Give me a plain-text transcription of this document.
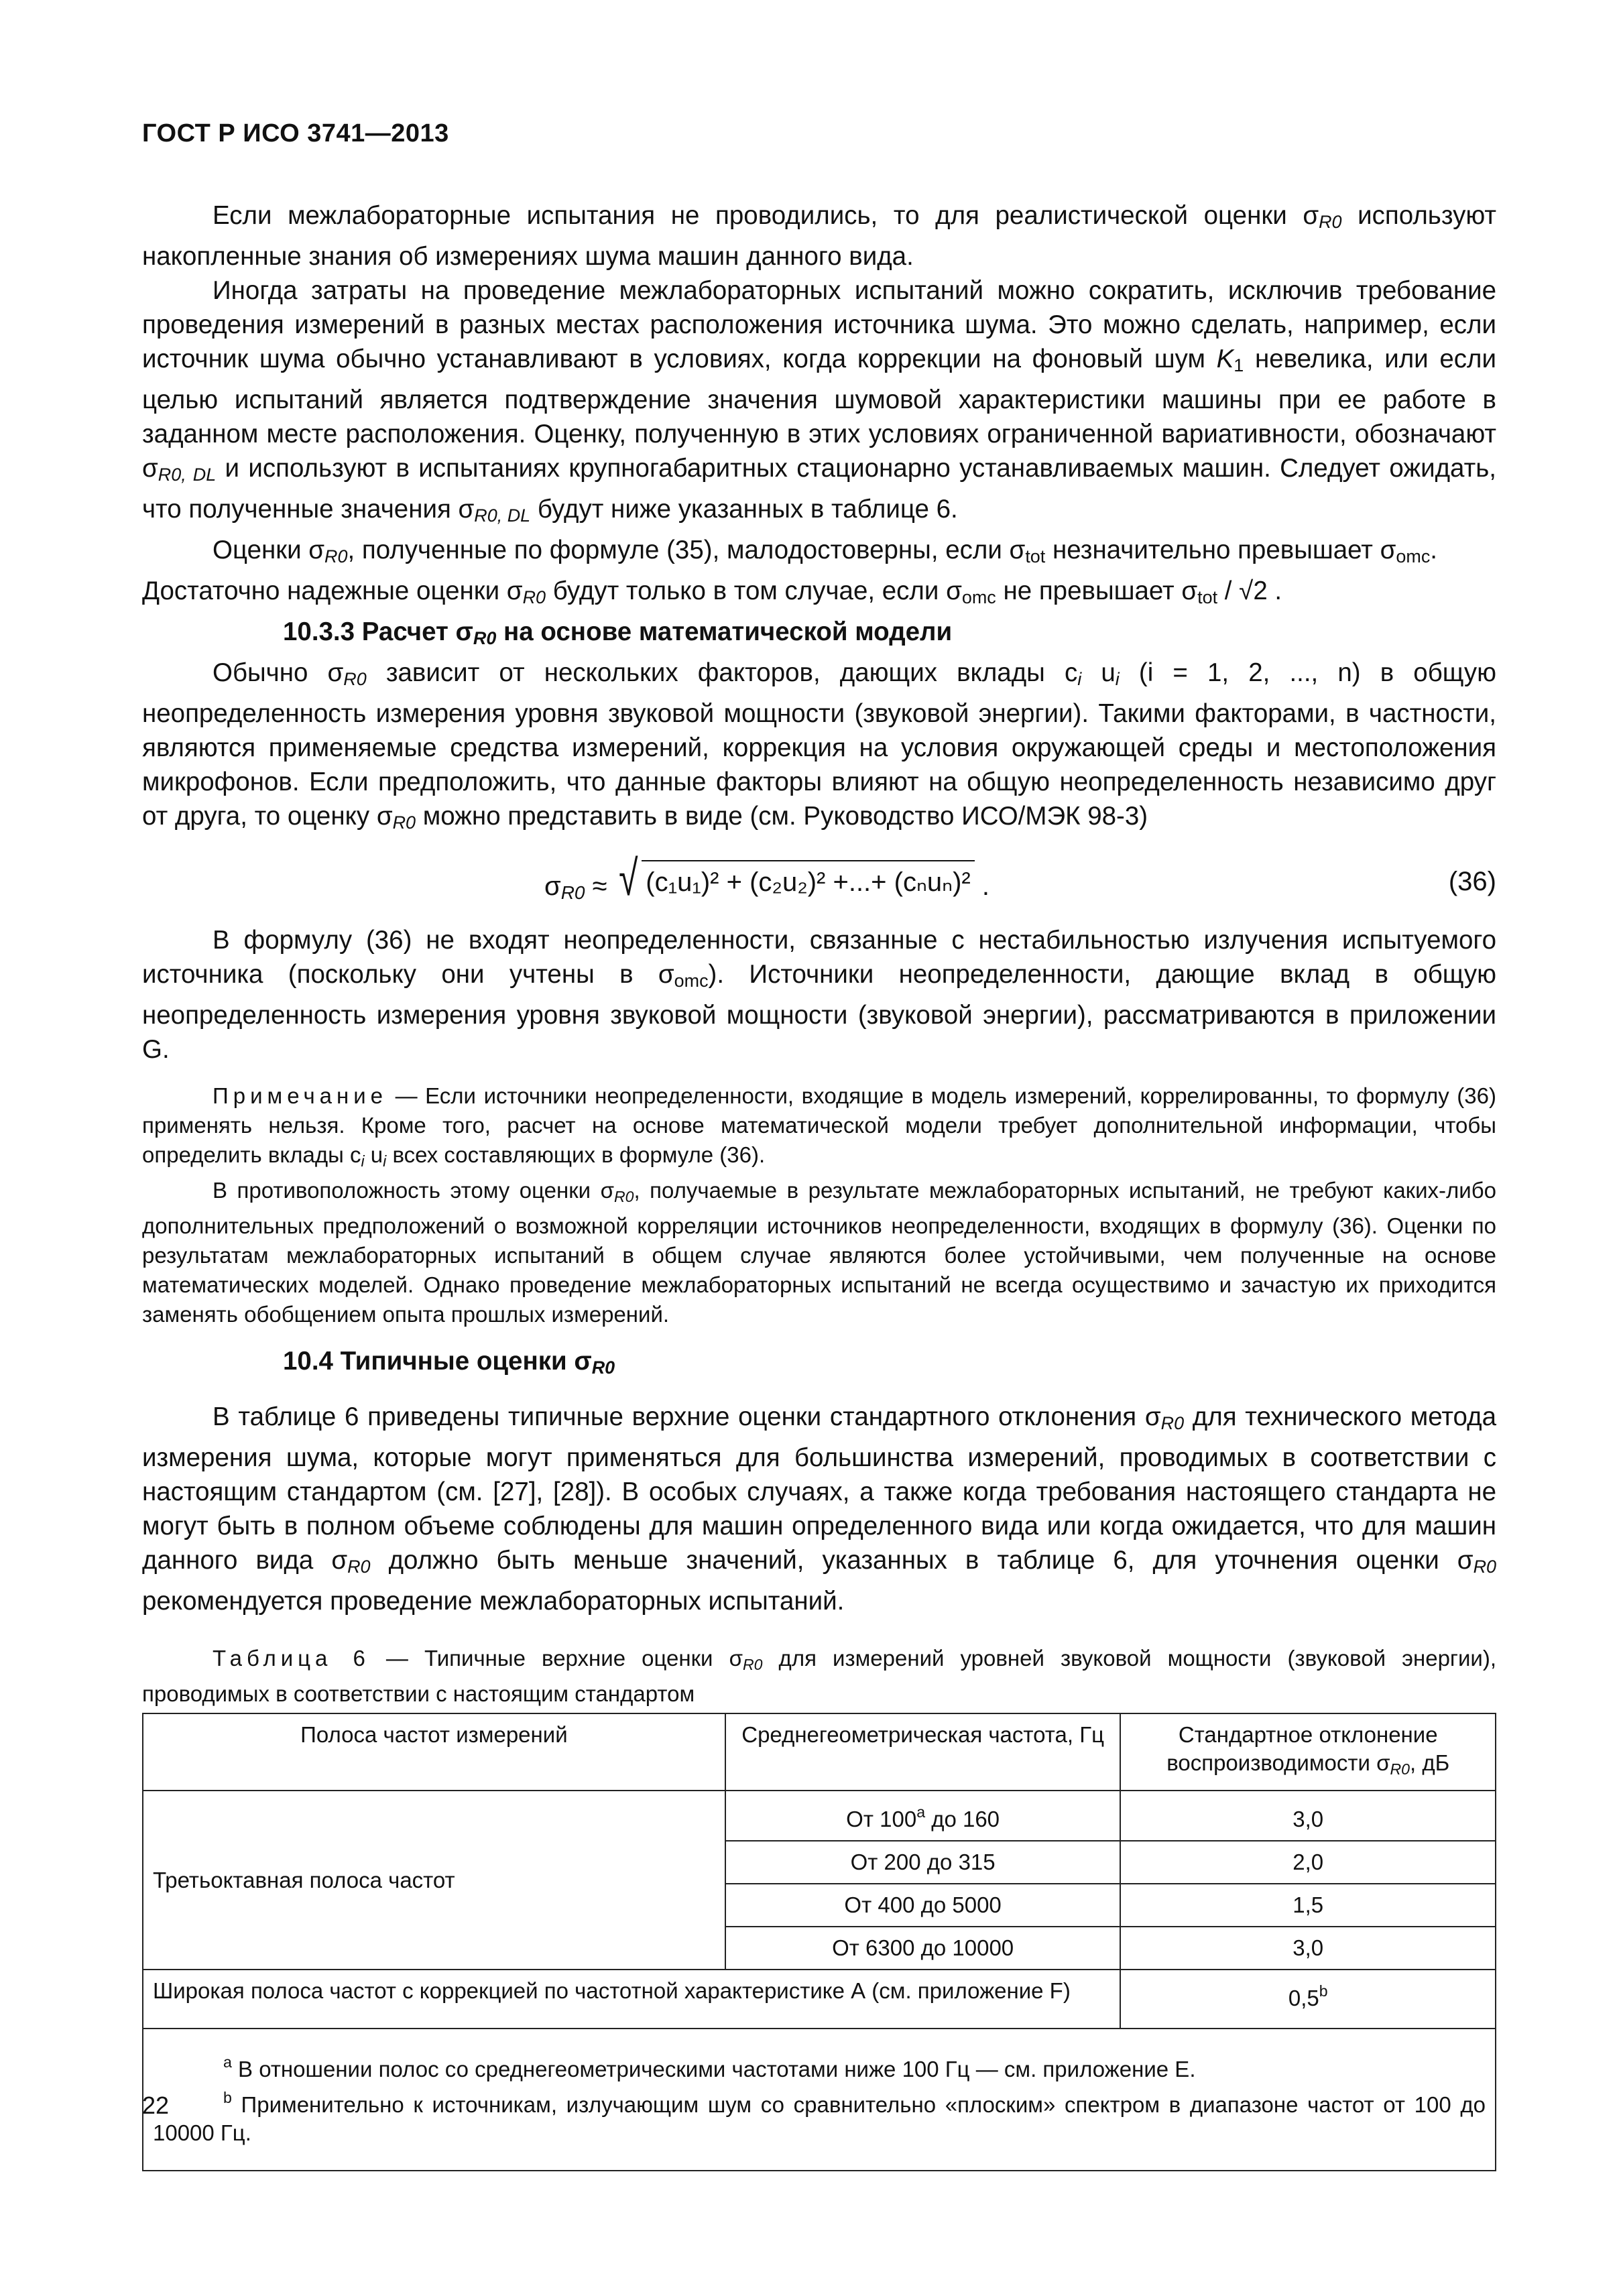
ГОСТ Р ИСО 3741—2013

Если межлабораторные испытания не проводились, то для реалистической оценки $\sigma_{R0}$ используют накопленные знания об измерениях шума машин данного вида.

Иногда затраты на проведение межлабораторных испытаний можно сократить, исключив требование проведения измерений в разных местах расположения источника шума. Это можно сделать, например, если источник шума обычно устанавливают в условиях, когда коррекции на фоновый шум $K_1$ невелика, или если целью испытаний является подтверждение значения шумовой характеристики машины при ее работе в заданном месте расположения. Оценку, полученную в этих условиях ограниченной вариативности, обозначают $\sigma_{R0, DL}$ и используют в испытаниях крупногабаритных стационарно устанавливаемых машин. Следует ожидать, что полученные значения $\sigma_{R0, DL}$ будут ниже указанных в таблице 6.

Оценки $\sigma_{R0}$, полученные по формуле (35), малодостоверны, если $\sigma_{tot}$ незначительно превышает $\sigma_{omc}$.

Достаточно надежные оценки $\sigma_{R0}$ будут только в том случае, если $\sigma_{omc}$ не превышает $\sigma_{tot} / √2$ .

10.3.3 Расчет $\sigma_{R0}$ на основе математической модели

Обычно $\sigma_{R0}$ зависит от нескольких факторов, дающих вклады $c_i$ $u_i$ (i = 1, 2, ..., n) в общую неопределенность измерения уровня звуковой мощности (звуковой энергии). Такими факторами, в частности, являются применяемые средства измерений, коррекция на условия окружающей среды и местоположения микрофонов. Если предположить, что данные факторы влияют на общую неопределенность независимо друг от друга, то оценку $\sigma_{R0}$ можно представить в виде (см. Руководство ИСО/МЭК 98-3)

$\sigma_{R0}$ ≈ √ (c₁u₁)² + (c₂u₂)² +...+ (cₙuₙ)² .	(36)

В формулу (36) не входят неопределенности, связанные с нестабильностью излучения испытуемого источника (поскольку они учтены в $\sigma_{omc}$). Источники неопределенности, дающие вклад в общую неопределенность измерения уровня звуковой мощности (звуковой энергии), рассматриваются в приложении G.

Примечание — Если источники неопределенности, входящие в модель измерений, коррелированны, то формулу (36) применять нельзя. Кроме того, расчет на основе математической модели требует дополнительной информации, чтобы определить вклады $c_i$ $u_i$ всех составляющих в формуле (36).

В противоположность этому оценки $\sigma_{R0}$, получаемые в результате межлабораторных испытаний, не требуют каких-либо дополнительных предположений о возможной корреляции источников неопределенности, входящих в формулу (36). Оценки по результатам межлабораторных испытаний в общем случае являются более устойчивыми, чем полученные на основе математических моделей. Однако проведение межлабораторных испытаний не всегда осуществимо и зачастую их приходится заменять обобщением опыта прошлых измерений.

10.4 Типичные оценки $\sigma_{R0}$

В таблице 6 приведены типичные верхние оценки стандартного отклонения $\sigma_{R0}$ для технического метода измерения шума, которые могут применяться для большинства измерений, проводимых в соответствии с настоящим стандартом (см. [27], [28]). В особых случаях, а также когда требования настоящего стандарта не могут быть в полном объеме соблюдены для машин определенного вида или когда ожидается, что для машин данного вида $\sigma_{R0}$ должно быть меньше значений, указанных в таблице 6, для уточнения оценки $\sigma_{R0}$ рекомендуется проведение межлабораторных испытаний.

Таблица 6 — Типичные верхние оценки $\sigma_{R0}$ для измерений уровней звуковой мощности (звуковой энергии), проводимых в соответствии с настоящим стандартом

Полоса частот измерений	Среднегеометрическая частота, Гц	Стандартное отклонение воспроизводимости $\sigma_{R0}$, дБ
Третьоктавная полоса частот	От 100$^a$ до 160	3,0
	От 200 до 315	2,0
	От 400 до 5000	1,5
	От 6300 до 10000	3,0
Широкая полоса частот с коррекцией по частотной характеристике А (см. приложение F)		0,5$^b$

$^a$ В отношении полос со среднегеометрическими частотами ниже 100 Гц — см. приложение Е.

$^b$ Применительно к источникам, излучающим шум со сравнительно «плоским» спектром в диапазоне частот от 100 до 10000 Гц.		

22
